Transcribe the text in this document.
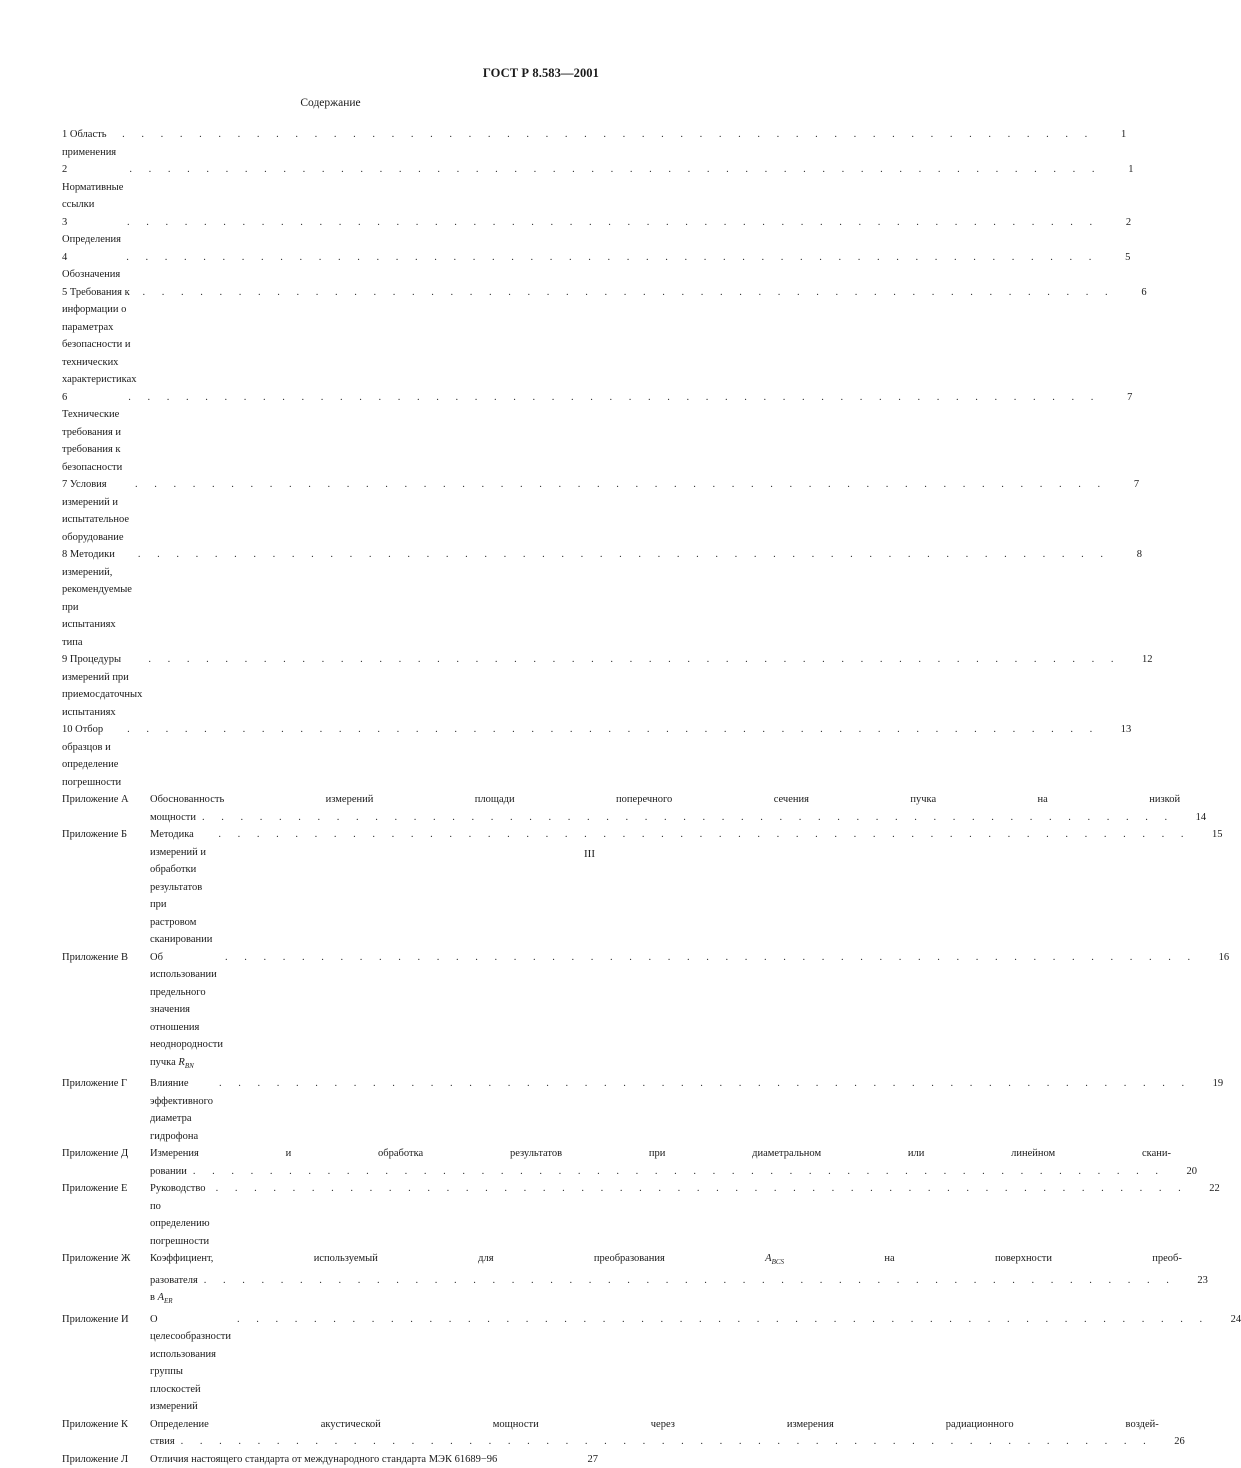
ГОСТ Р 8.583—2001
Содержание
1 Область применения
. . . . . . . . . . . . . . . . . . . . . . . . . . . . . . . . . . . . . . . . . . . . . . . . . . .	1
2 Нормативные ссылки
. . . . . . . . . . . . . . . . . . . . . . . . . . . . . . . . . . . . . . . . . . . . . . . . . . .	1
3 Определения
. . . . . . . . . . . . . . . . . . . . . . . . . . . . . . . . . . . . . . . . . . . . . . . . . . .	2
4 Обозначения
. . . . . . . . . . . . . . . . . . . . . . . . . . . . . . . . . . . . . . . . . . . . . . . . . . .	5
5 Требования к информации о параметрах безопасности и технических характеристиках
. . . . . . . . . . . . . . . . . . . . . . . . . . . . . . . . . . . . . . . . . . . . . . . . . . .	6
6 Технические требования и требования к безопасности
. . . . . . . . . . . . . . . . . . . . . . . . . . . . . . . . . . . . . . . . . . . . . . . . . . .	7
7 Условия измерений и испытательное оборудование
. . . . . . . . . . . . . . . . . . . . . . . . . . . . . . . . . . . . . . . . . . . . . . . . . . .	7
8 Методики измерений, рекомендуемые при испытаниях типа
. . . . . . . . . . . . . . . . . . . . . . . . . . . . . . . . . . . . . . . . . . . . . . . . . . .	8
9 Процедуры измерений при приемосдаточных испытаниях
. . . . . . . . . . . . . . . . . . . . . . . . . . . . . . . . . . . . . . . . . . . . . . . . . . .	12
10 Отбор образцов и определение погрешности
. . . . . . . . . . . . . . . . . . . . . . . . . . . . . . . . . . . . . . . . . . . . . . . . . . .	13
Приложение А	Обоснованность измерений площади поперечного сечения пучка на низкой
мощности . . . . . . . . . . . . . . . . . . . . . . . . . . . . . . . . . . . . . . . . . . . . . . . . . . .	14
Приложение Б	Методика измерений и обработки результатов при растровом сканировании
. . . . . . . . . . . . . . . . . . . . . . . . . . . . . . . . . . . . . . . . . . . . . . . . . . .	15
Приложение В	Об использовании предельного значения отношения неоднородности пучка $R_{BN}$
. . . . . . . . . . . . . . . . . . . . . . . . . . . . . . . . . . . . . . . . . . . . . . . . . . .	16
Приложение Г	Влияние эффективного диаметра гидрофона
. . . . . . . . . . . . . . . . . . . . . . . . . . . . . . . . . . . . . . . . . . . . . . . . . . .	19
Приложение Д	Измерения и обработка результатов при диаметральном или линейном скани-
ровании . . . . . . . . . . . . . . . . . . . . . . . . . . . . . . . . . . . . . . . . . . . . . . . . . . .	20
Приложение Е	Руководство по определению погрешности
. . . . . . . . . . . . . . . . . . . . . . . . . . . . . . . . . . . . . . . . . . . . . . . . . . .	22
Приложение Ж	Коэффициент, используемый для преобразования	$A_{BCS}$	на поверхности преоб-
разователя в $A_{ER}$
. . . . . . . . . . . . . . . . . . . . . . . . . . . . . . . . . . . . . . . . . . . . . . . . . . .	23
Приложение И	О целесообразности использования группы плоскостей измерений
. . . . . . . . . . . . . . . . . . . . . . . . . . . . . . . . . . . . . . . . . . . . . . . . . . .	24
Приложение К	Определение акустической мощности через измерения радиационного воздей-
ствия . . . . . . . . . . . . . . . . . . . . . . . . . . . . . . . . . . . . . . . . . . . . . . . . . . .	26
Приложение Л	Отличия настоящего стандарта от международного стандарта МЭК 61689−96	27
III
